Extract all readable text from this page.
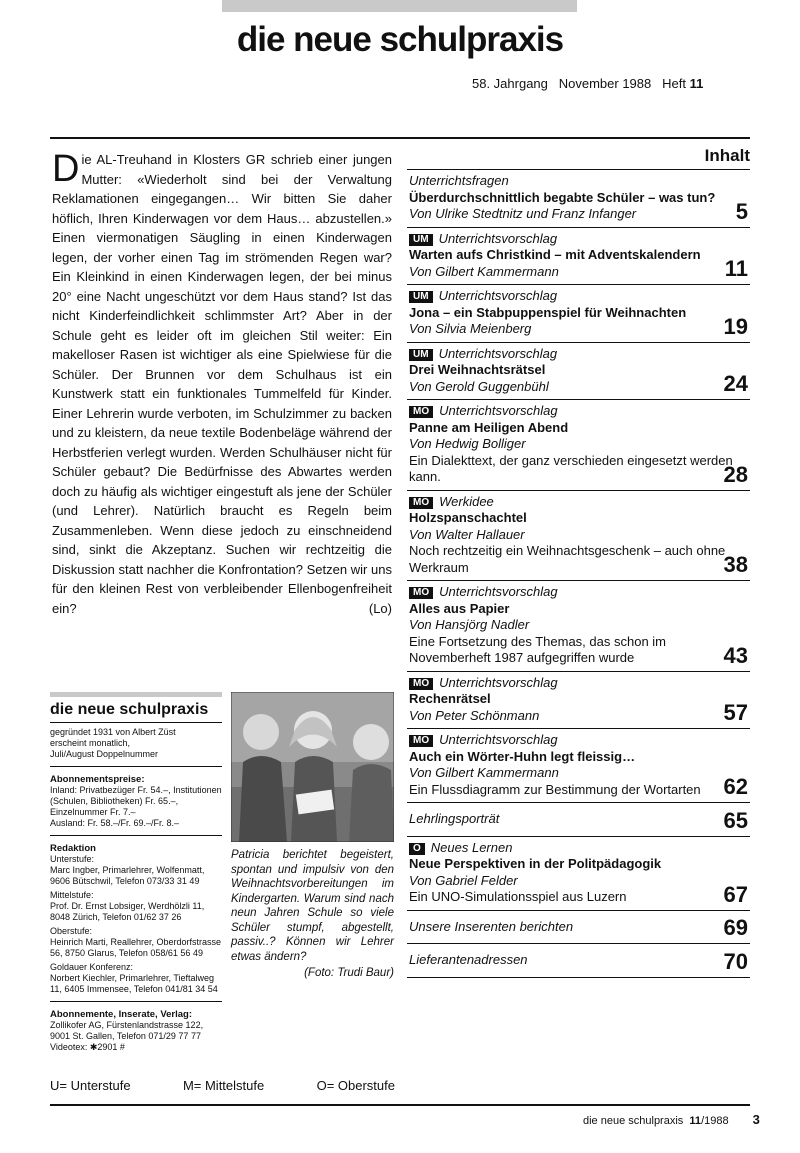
die neue schulpraxis
58. Jahrgang November 1988 Heft 11
Die AL-Treuhand in Klosters GR schrieb einer jungen Mutter: «Wiederholt sind bei der Verwaltung Reklamationen eingegangen… Wir bitten Sie daher höflich, Ihren Kinderwagen vor dem Haus… abzustellen.» Einen viermonatigen Säugling in einen Kinderwagen legen, der vorher einen Tag im strömenden Regen war? Ein Kleinkind in einen Kinderwagen legen, der bei minus 20° eine Nacht ungeschützt vor dem Haus stand? Ist das nicht Kinderfeindlichkeit schlimmster Art? Aber in der Schule geht es leider oft im gleichen Stil weiter: Ein makelloser Rasen ist wichtiger als eine Spielwiese für die Schüler. Der Brunnen vor dem Schulhaus ist ein Kunstwerk statt ein funktionales Tummelfeld für Kinder. Einer Lehrerin wurde verboten, im Schulzimmer zu backen und zu kleistern, da neue textile Bodenbeläge während der Herbstferien verlegt wurden. Werden Schulhäuser nicht für Schüler gebaut? Die Bedürfnisse des Abwartes werden doch zu häufig als wichtiger eingestuft als jene der Schüler (und Lehrer). Natürlich braucht es Regeln beim Zusammenleben. Wenn diese jedoch zu einschneidend sind, sinkt die Akzeptanz. Suchen wir rechtzeitig die Diskussion statt nachher die Konfrontation? Setzen wir uns für den kleinen Rest von verbleibender Ellenbogenfreiheit ein?	(Lo)
Inhalt
Unterrichtsfragen
Überdurchschnittlich begabte Schüler – was tun?
Von Ulrike Stedtnitz und Franz Infanger	5
UM Unterrichtsvorschlag
Warten aufs Christkind – mit Adventskalendern
Von Gilbert Kammermann	11
UM Unterrichtsvorschlag
Jona – ein Stabpuppenspiel für Weihnachten
Von Silvia Meienberg	19
UM Unterrichtsvorschlag
Drei Weihnachtsrätsel
Von Gerold Guggenbühl	24
MO Unterrichtsvorschlag
Panne am Heiligen Abend
Von Hedwig Bolliger
Ein Dialekttext, der ganz verschieden eingesetzt werden kann.	28
MO Werkidee
Holzspanschachtel
Von Walter Hallauer
Noch rechtzeitig ein Weihnachtsgeschenk – auch ohne Werkraum	38
MO Unterrichtsvorschlag
Alles aus Papier
Von Hansjörg Nadler
Eine Fortsetzung des Themas, das schon im Novemberheft 1987 aufgegriffen wurde	43
MO Unterrichtsvorschlag
Rechenrätsel
Von Peter Schönmann	57
MO Unterrichtsvorschlag
Auch ein Wörter-Huhn legt fleissig…
Von Gilbert Kammermann
Ein Flussdiagramm zur Bestimmung der Wortarten	62
Lehrlingsporträt	65
O Neues Lernen
Neue Perspektiven in der Politpädagogik
Von Gabriel Felder
Ein UNO-Simulationsspiel aus Luzern	67
Unsere Inserenten berichten	69
Lieferantenadressen	70
die neue schulpraxis
gegründet 1931 von Albert Züst
erscheint monatlich,
Juli/August Doppelnummer
Abonnementspreise:
Inland: Privatbezüger Fr. 54.–, Institutionen (Schulen, Bibliotheken) Fr. 65.–,
Einzelnummer Fr. 7.–
Ausland: Fr. 58.–/Fr. 69.–/Fr. 8.–
Redaktion
Unterstufe:
Marc Ingber, Primarlehrer, Wolfenmatt, 9606 Bütschwil, Telefon 073/33 31 49
Mittelstufe:
Prof. Dr. Ernst Lobsiger, Werdhölzli 11, 8048 Zürich, Telefon 01/62 37 26
Oberstufe:
Heinrich Marti, Reallehrer, Oberdorfstrasse 56, 8750 Glarus, Telefon 058/61 56 49
Goldauer Konferenz:
Norbert Kiechler, Primarlehrer, Tieftalweg 11, 6405 Immensee, Telefon 041/81 34 54
Abonnemente, Inserate, Verlag:
Zollikofer AG, Fürstenlandstrasse 122, 9001 St. Gallen, Telefon 071/29 77 77
Videotex: ✱2901 #
Patricia berichtet begeistert, spontan und impulsiv von den Weihnachtsvorbereitungen im Kindergarten. Warum sind nach neun Jahren Schule so viele Schüler stumpf, abgestellt, passiv..? Können wir Lehrer etwas ändern?
(Foto: Trudi Baur)
U= Unterstufe	M= Mittelstufe	O= Oberstufe
die neue schulpraxis 11/1988 3
